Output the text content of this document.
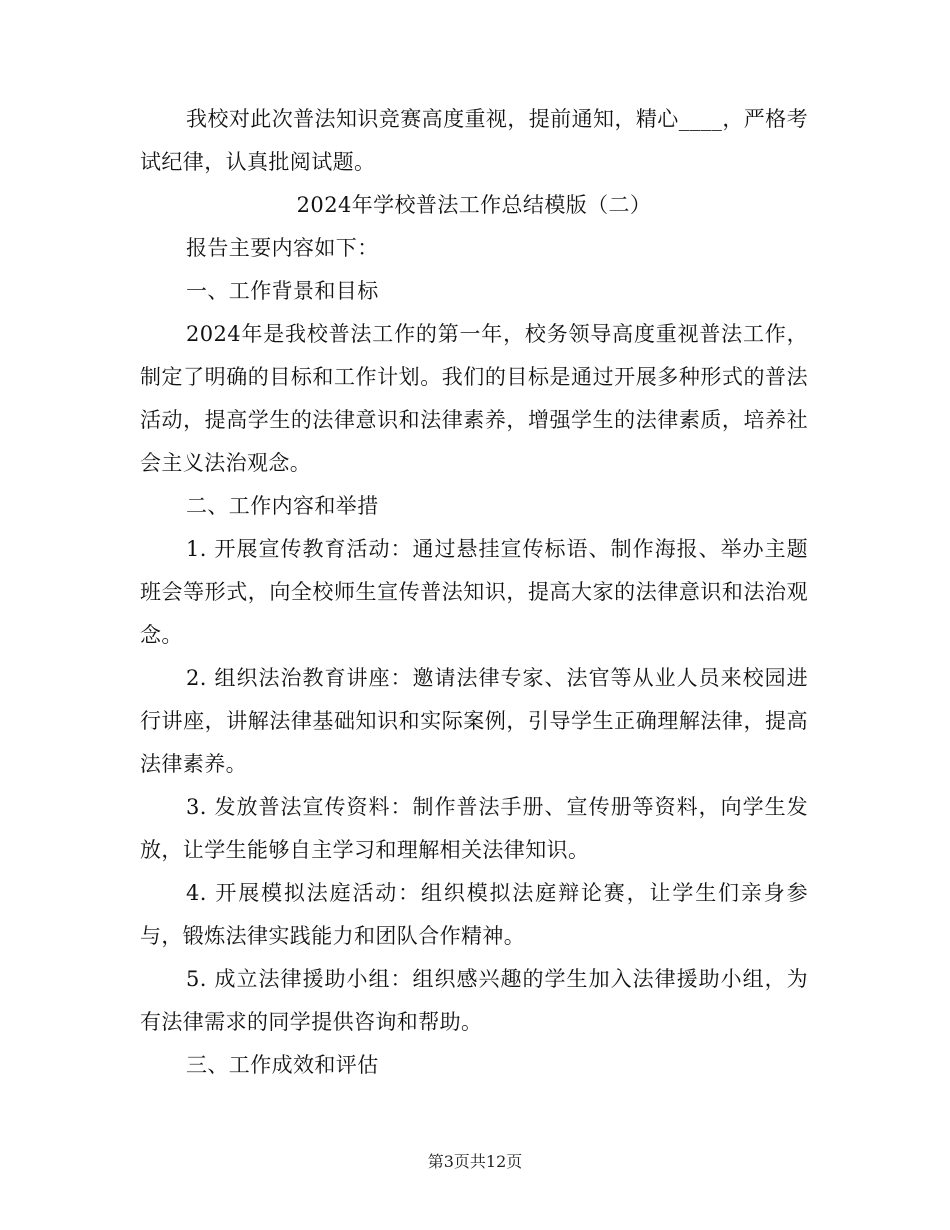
我校对此次普法知识竞赛高度重视，提前通知，精心____，严格考试纪律，认真批阅试题。

2024年学校普法工作总结模版（二）

报告主要内容如下：

一、工作背景和目标

2024年是我校普法工作的第一年，校务领导高度重视普法工作，制定了明确的目标和工作计划。我们的目标是通过开展多种形式的普法活动，提高学生的法律意识和法律素养，增强学生的法律素质，培养社会主义法治观念。

二、工作内容和举措

1. 开展宣传教育活动：通过悬挂宣传标语、制作海报、举办主题班会等形式，向全校师生宣传普法知识，提高大家的法律意识和法治观念。

2. 组织法治教育讲座：邀请法律专家、法官等从业人员来校园进行讲座，讲解法律基础知识和实际案例，引导学生正确理解法律，提高法律素养。

3. 发放普法宣传资料：制作普法手册、宣传册等资料，向学生发放，让学生能够自主学习和理解相关法律知识。

4. 开展模拟法庭活动：组织模拟法庭辩论赛，让学生们亲身参与，锻炼法律实践能力和团队合作精神。

5. 成立法律援助小组：组织感兴趣的学生加入法律援助小组，为有法律需求的同学提供咨询和帮助。

三、工作成效和评估

第3页共12页
